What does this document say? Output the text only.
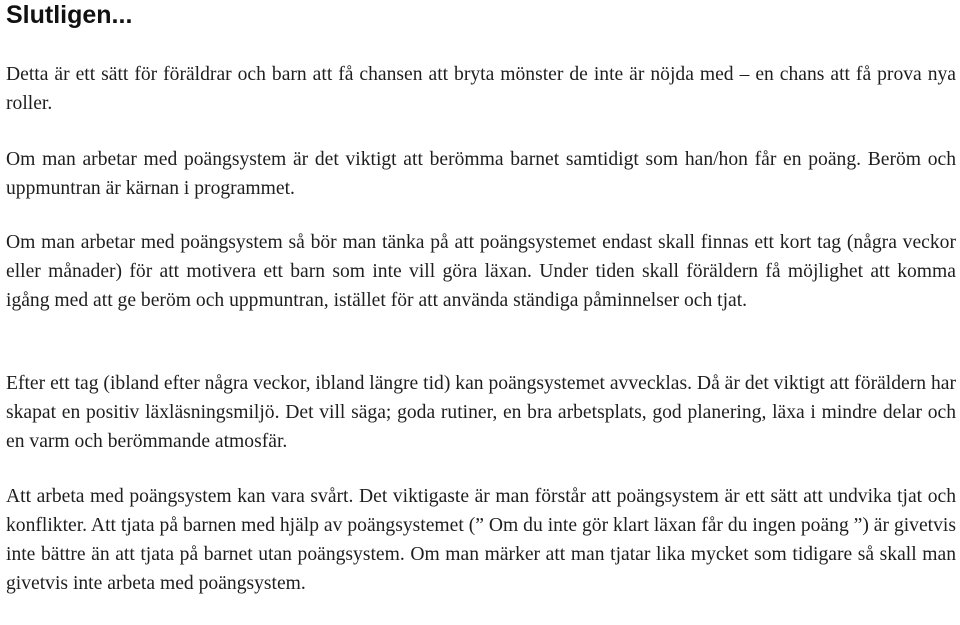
Slutligen...

Detta är ett sätt för föräldrar och barn att få chansen att bryta mönster de inte är nöjda med – en chans att få prova nya roller.

Om man arbetar med poängsystem är det viktigt att berömma barnet samtidigt som han/hon får en poäng. Beröm och uppmuntran är kärnan i programmet.

Om man arbetar med poängsystem så bör man tänka på att poängsystemet endast skall finnas ett kort tag (några veckor eller månader) för att motivera ett barn som inte vill göra läxan. Under tiden skall föräldern få möjlighet att komma igång med att ge beröm och uppmuntran, istället för att använda ständiga påminnelser och tjat.

Efter ett tag (ibland efter några veckor, ibland längre tid) kan poängsystemet avvecklas. Då är det viktigt att föräldern har skapat en positiv läxläsningsmiljö. Det vill säga; goda rutiner, en bra arbetsplats, god planering, läxa i mindre delar och en varm och berömmande atmosfär.

Att arbeta med poängsystem kan vara svårt. Det viktigaste är man förstår att poängsystem är ett sätt att undvika tjat och konflikter. Att tjata på barnen med hjälp av poängsystemet (” Om du inte gör klart läxan får du ingen poäng ”) är givetvis inte bättre än att tjata på barnet utan poängsystem. Om man märker att man tjatar lika mycket som tidigare så skall man givetvis inte arbeta med poängsystem.
